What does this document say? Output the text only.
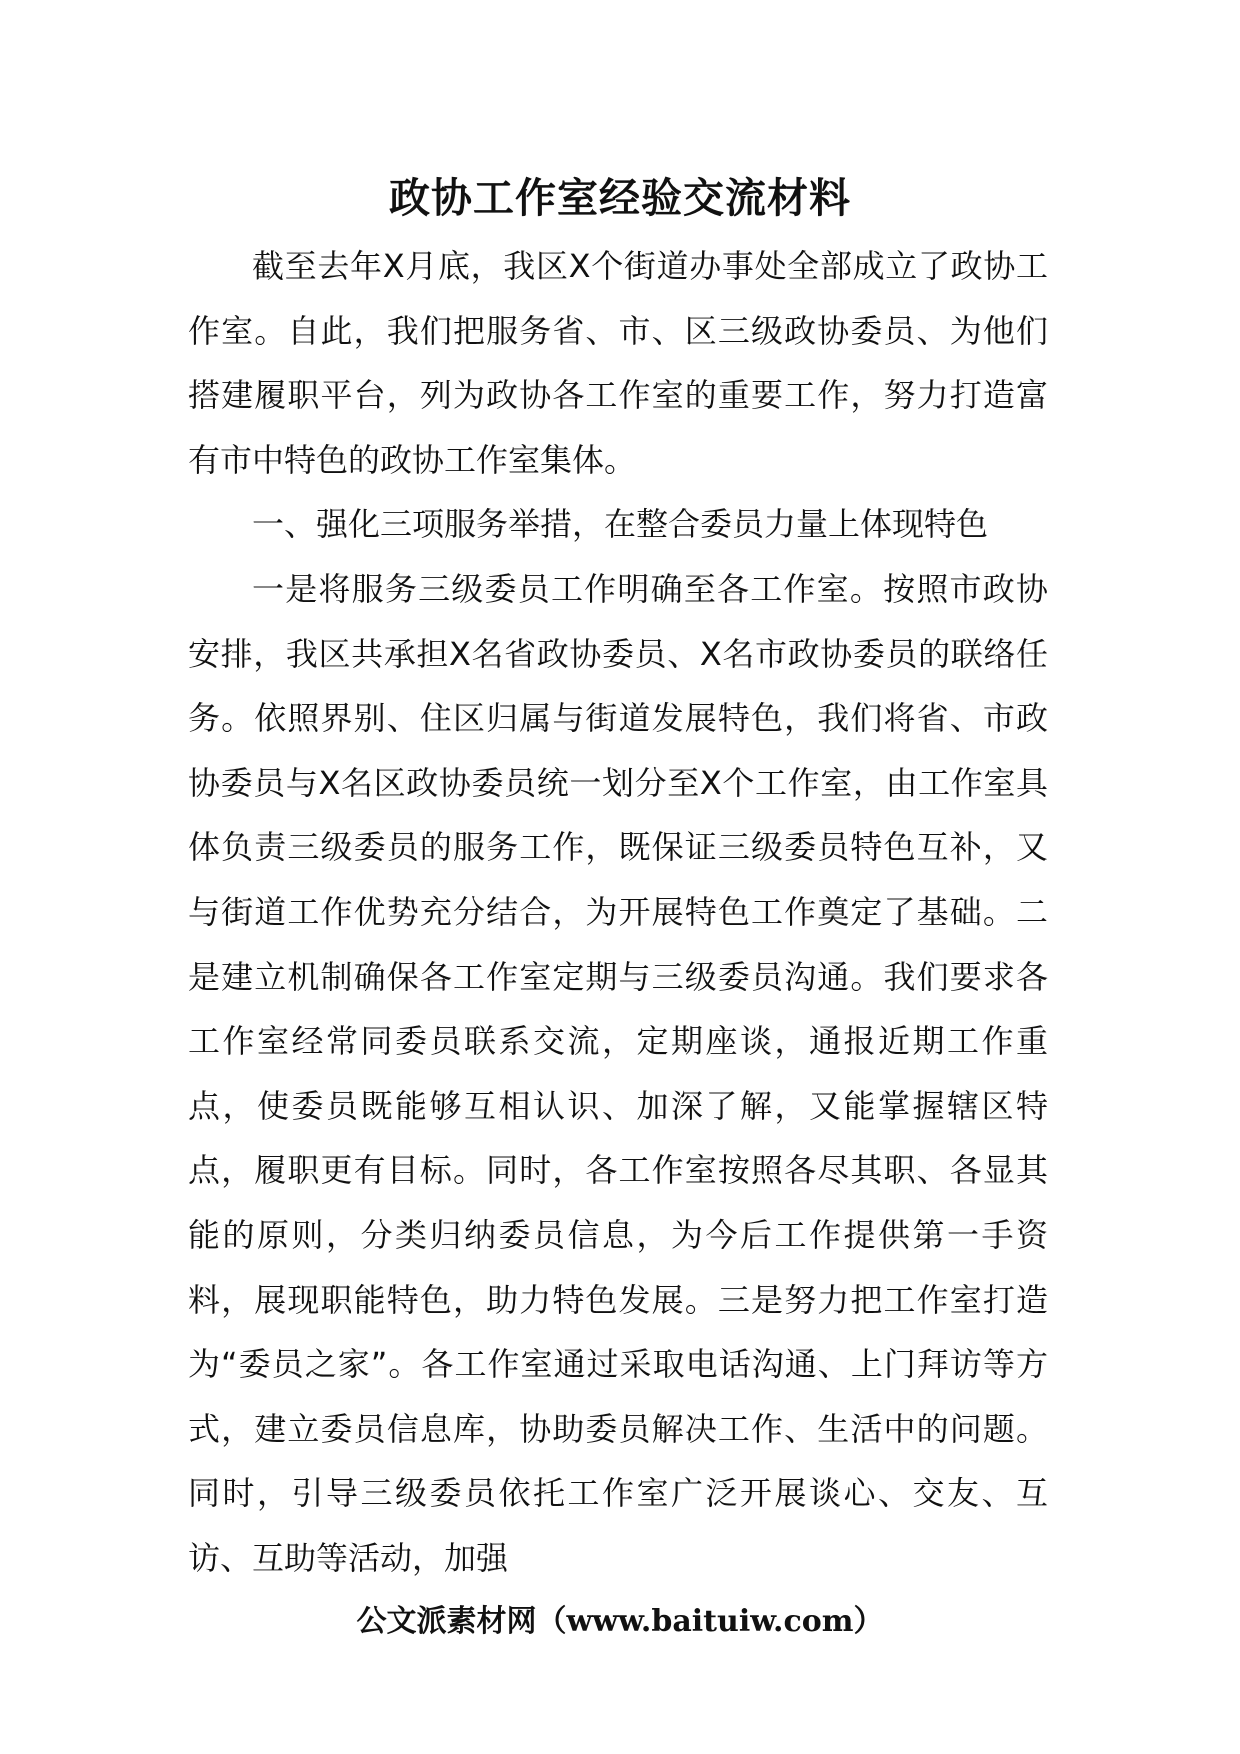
政协工作室经验交流材料

截至去年X月底，我区X个街道办事处全部成立了政协工作室。自此，我们把服务省、市、区三级政协委员、为他们搭建履职平台，列为政协各工作室的重要工作，努力打造富有市中特色的政协工作室集体。

一、强化三项服务举措，在整合委员力量上体现特色

一是将服务三级委员工作明确至各工作室。按照市政协安排，我区共承担X名省政协委员、X名市政协委员的联络任务。依照界别、住区归属与街道发展特色，我们将省、市政协委员与X名区政协委员统一划分至X个工作室，由工作室具体负责三级委员的服务工作，既保证三级委员特色互补，又与街道工作优势充分结合，为开展特色工作奠定了基础。二是建立机制确保各工作室定期与三级委员沟通。我们要求各工作室经常同委员联系交流，定期座谈，通报近期工作重点，使委员既能够互相认识、加深了解，又能掌握辖区特点，履职更有目标。同时，各工作室按照各尽其职、各显其能的原则，分类归纳委员信息，为今后工作提供第一手资料，展现职能特色，助力特色发展。三是努力把工作室打造为“委员之家”。各工作室通过采取电话沟通、上门拜访等方式，建立委员信息库，协助委员解决工作、生活中的问题。同时，引导三级委员依托工作室广泛开展谈心、交友、互访、互助等活动，加强

公文派素材网（www.baituiw.com）
